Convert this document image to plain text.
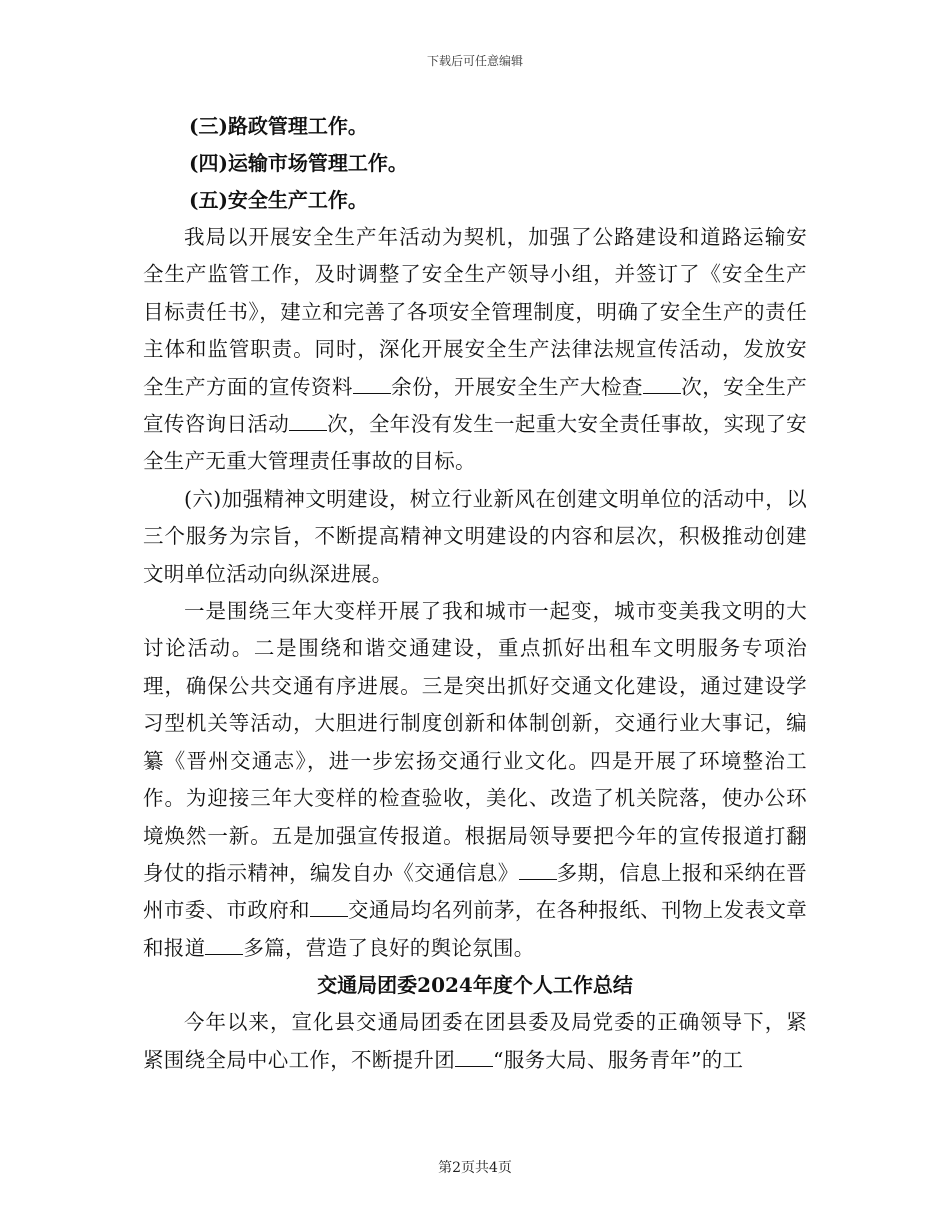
下载后可任意编辑
(三)路政管理工作。
(四)运输市场管理工作。
(五)安全生产工作。

我局以开展安全生产年活动为契机，加强了公路建设和道路运输安全生产监管工作，及时调整了安全生产领导小组，并签订了《安全生产目标责任书》，建立和完善了各项安全管理制度，明确了安全生产的责任主体和监管职责。同时，深化开展安全生产法律法规宣传活动，发放安全生产方面的宣传资料 余份，开展安全生产大检查 次，安全生产宣传咨询日活动 次，全年没有发生一起重大安全责任事故，实现了安全生产无重大管理责任事故的目标。

(六)加强精神文明建设，树立行业新风在创建文明单位的活动中，以三个服务为宗旨，不断提高精神文明建设的内容和层次，积极推动创建文明单位活动向纵深进展。

一是围绕三年大变样开展了我和城市一起变，城市变美我文明的大讨论活动。二是围绕和谐交通建设，重点抓好出租车文明服务专项治理，确保公共交通有序进展。三是突出抓好交通文化建设，通过建设学习型机关等活动，大胆进行制度创新和体制创新，交通行业大事记，编纂《晋州交通志》，进一步宏扬交通行业文化。四是开展了环境整治工作。为迎接三年大变样的检查验收，美化、改造了机关院落，使办公环境焕然一新。五是加强宣传报道。根据局领导要把今年的宣传报道打翻身仗的指示精神，编发自办《交通信息》 多期，信息上报和采纳在晋州市委、市政府和 交通局均名列前茅，在各种报纸、刊物上发表文章和报道 多篇，营造了良好的舆论氛围。

交通局团委2024年度个人工作总结

今年以来，宣化县交通局团委在团县委及局党委的正确领导下，紧紧围绕全局中心工作，不断提升团 “服务大局、服务青年”的工

第2页共4页
